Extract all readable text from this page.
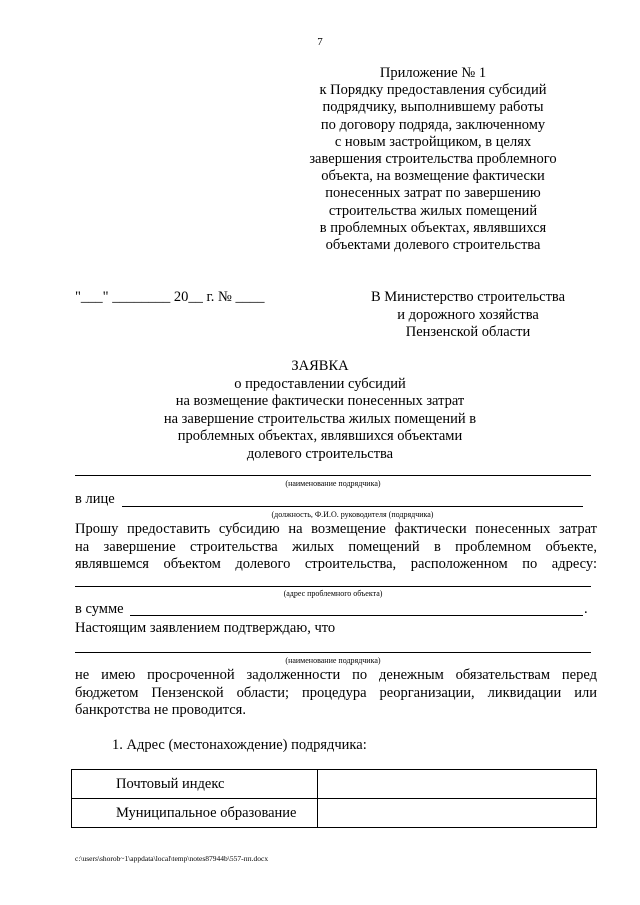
7
Приложение № 1
к Порядку предоставления субсидий
подрядчику, выполнившему работы
по договору подряда, заключенному
с новым застройщиком, в целях
завершения строительства проблемного
объекта, на возмещение фактически
понесенных затрат по завершению
строительства жилых помещений
в проблемных объектах, являвшихся
объектами долевого строительства
"___" ________ 20__ г. № ____	В Министерство строительства
и дорожного хозяйства
Пензенской области
ЗАЯВКА
о предоставлении субсидий
на возмещение фактически понесенных затрат
на завершение строительства жилых помещений в
проблемных объектах, являвшихся объектами
долевого строительства
(наименование подрядчика)
в лице
(должность, Ф.И.О. руководителя (подрядчика)
Прошу предоставить субсидию на возмещение фактически понесенных затрат
на завершение строительства жилых помещений в проблемном объекте,
являвшемся объектом долевого строительства, расположенном по адресу:
(адрес проблемного объекта)
в сумме	.
Настоящим заявлением подтверждаю, что
(наименование подрядчика)
не имею просроченной задолженности по денежным обязательствам перед
бюджетом Пензенской области; процедура реорганизации, ликвидации или
банкротства не проводится.
1. Адрес (местонахождение) подрядчика:
Почтовый индекс	
Муниципальное образование	
c:\users\shorob~1\appdata\local\temp\notes87944b\557-пп.docx
